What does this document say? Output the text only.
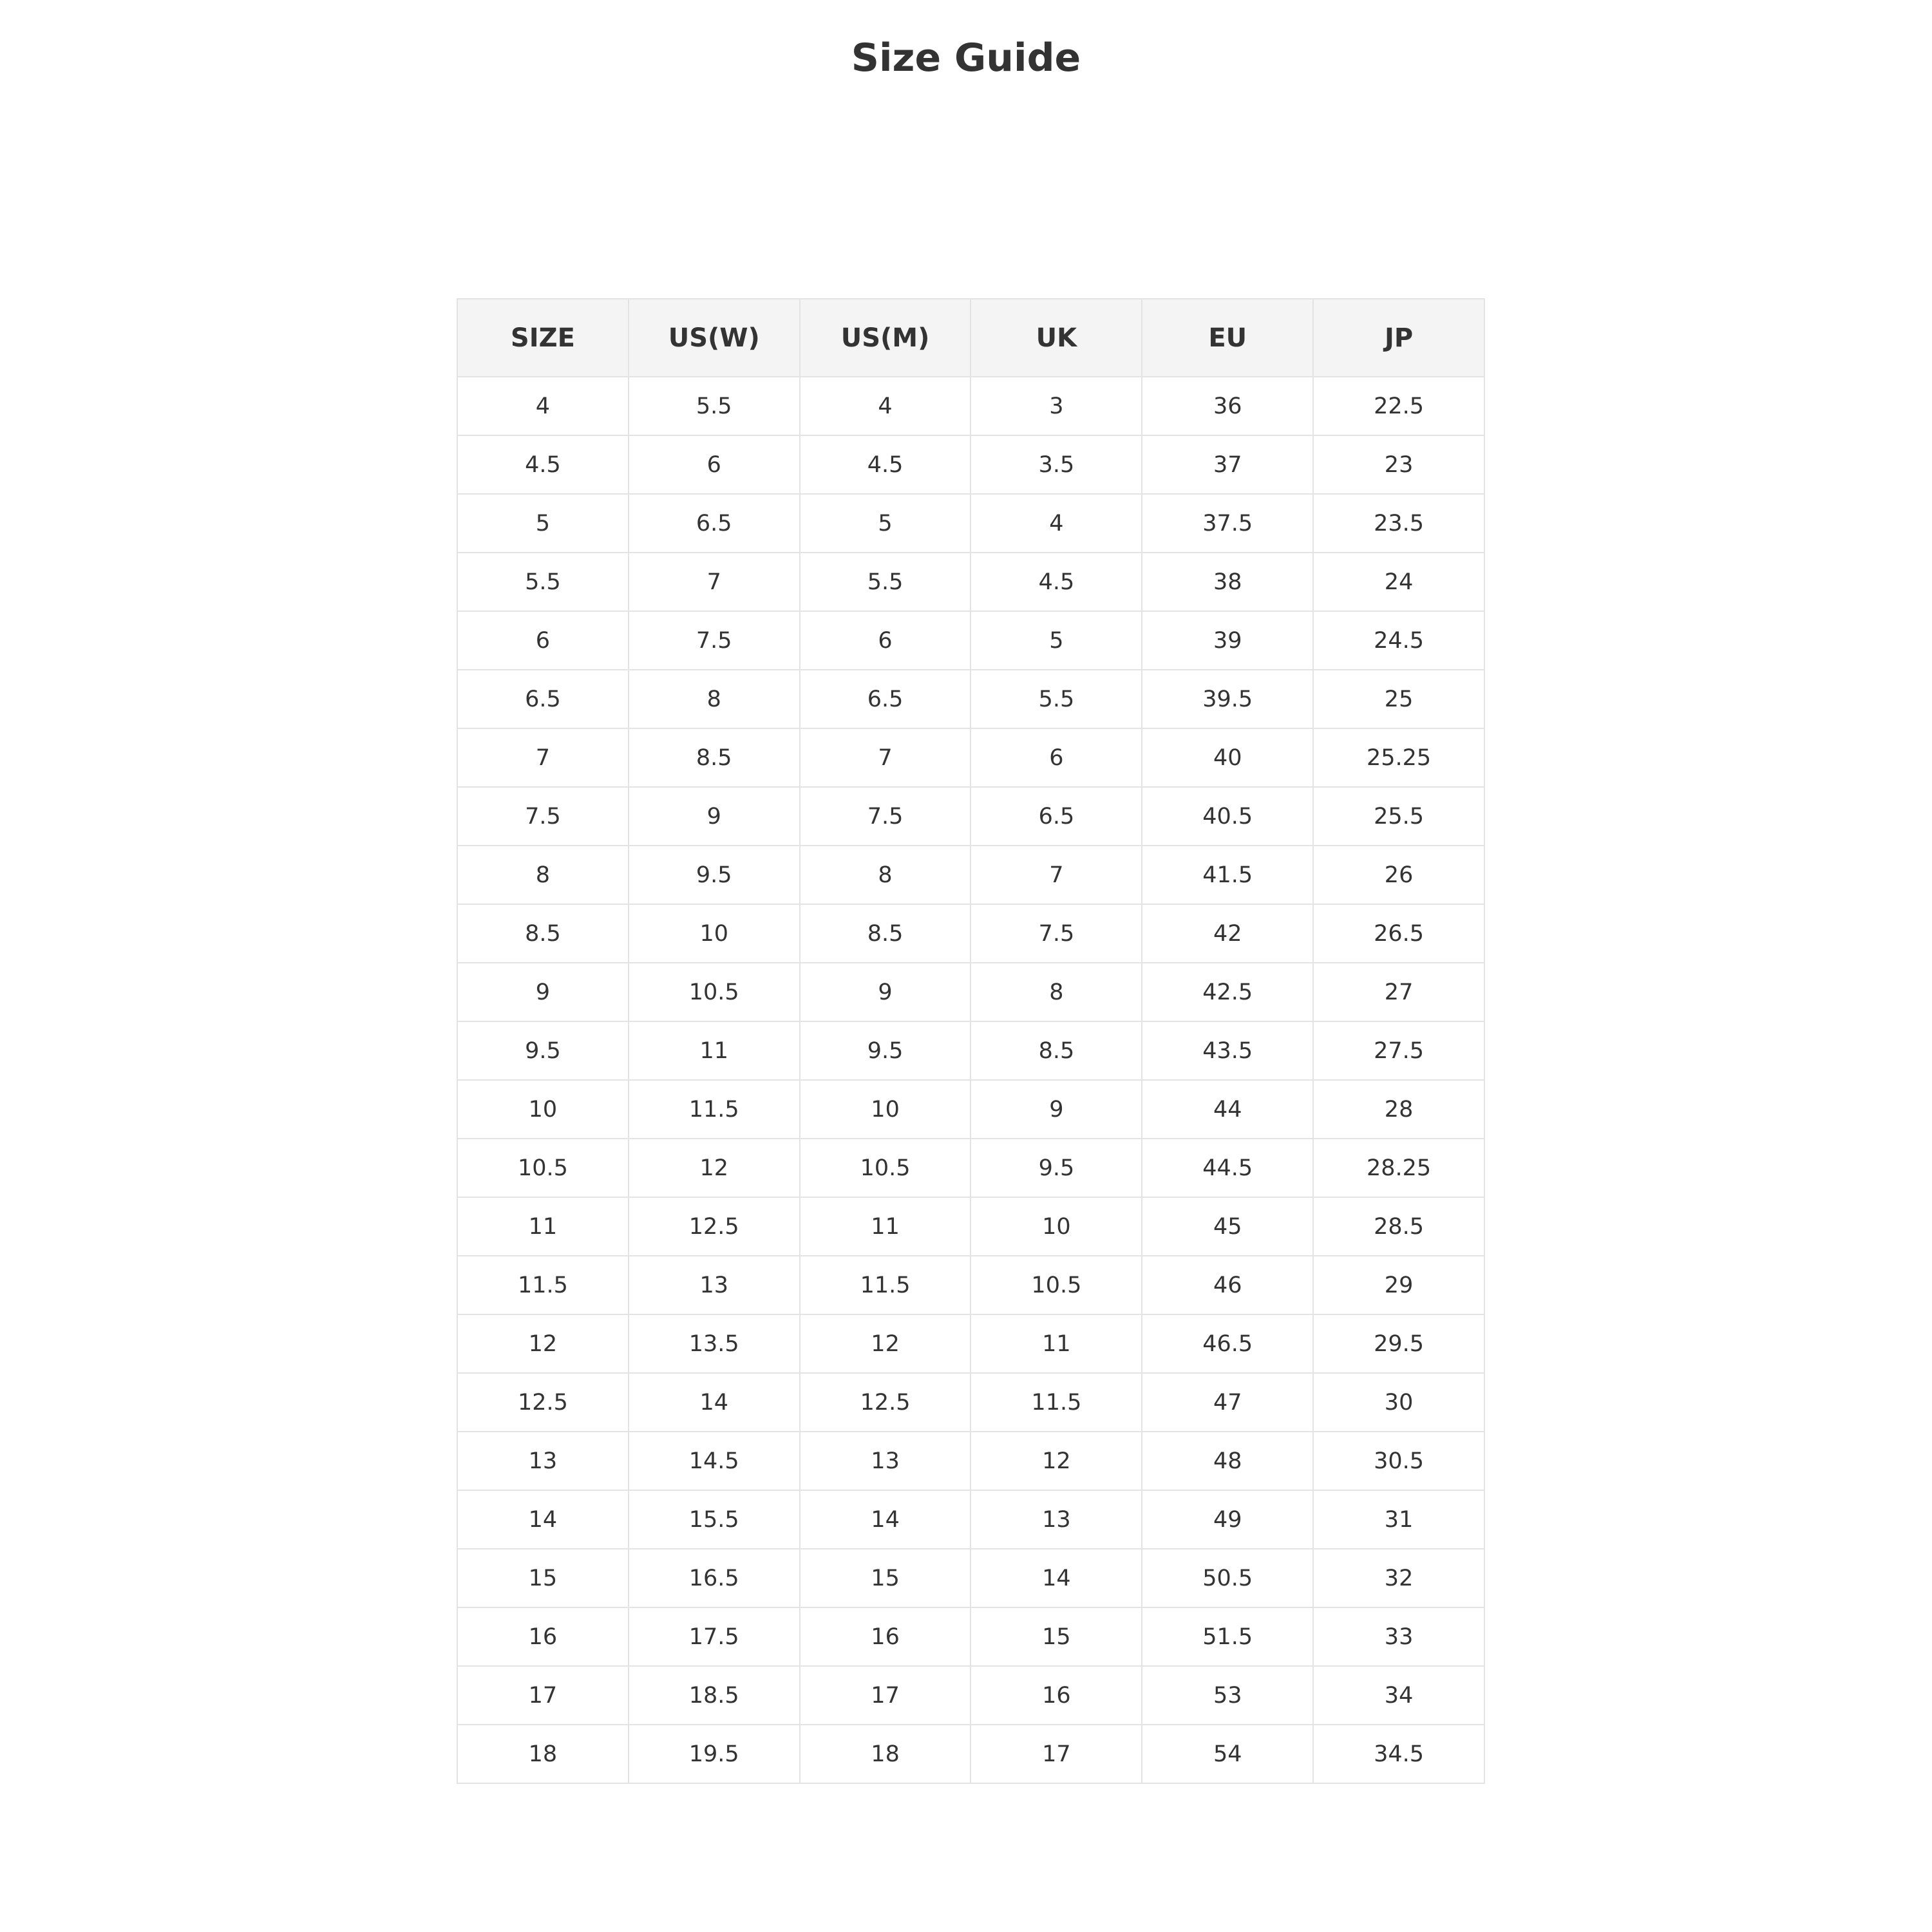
Size Guide
SIZE	US(W)	US(M)	UK	EU	JP
4	5.5	4	3	36	22.5
4.5	6	4.5	3.5	37	23
5	6.5	5	4	37.5	23.5
5.5	7	5.5	4.5	38	24
6	7.5	6	5	39	24.5
6.5	8	6.5	5.5	39.5	25
7	8.5	7	6	40	25.25
7.5	9	7.5	6.5	40.5	25.5
8	9.5	8	7	41.5	26
8.5	10	8.5	7.5	42	26.5
9	10.5	9	8	42.5	27
9.5	11	9.5	8.5	43.5	27.5
10	11.5	10	9	44	28
10.5	12	10.5	9.5	44.5	28.25
11	12.5	11	10	45	28.5
11.5	13	11.5	10.5	46	29
12	13.5	12	11	46.5	29.5
12.5	14	12.5	11.5	47	30
13	14.5	13	12	48	30.5
14	15.5	14	13	49	31
15	16.5	15	14	50.5	32
16	17.5	16	15	51.5	33
17	18.5	17	16	53	34
18	19.5	18	17	54	34.5
